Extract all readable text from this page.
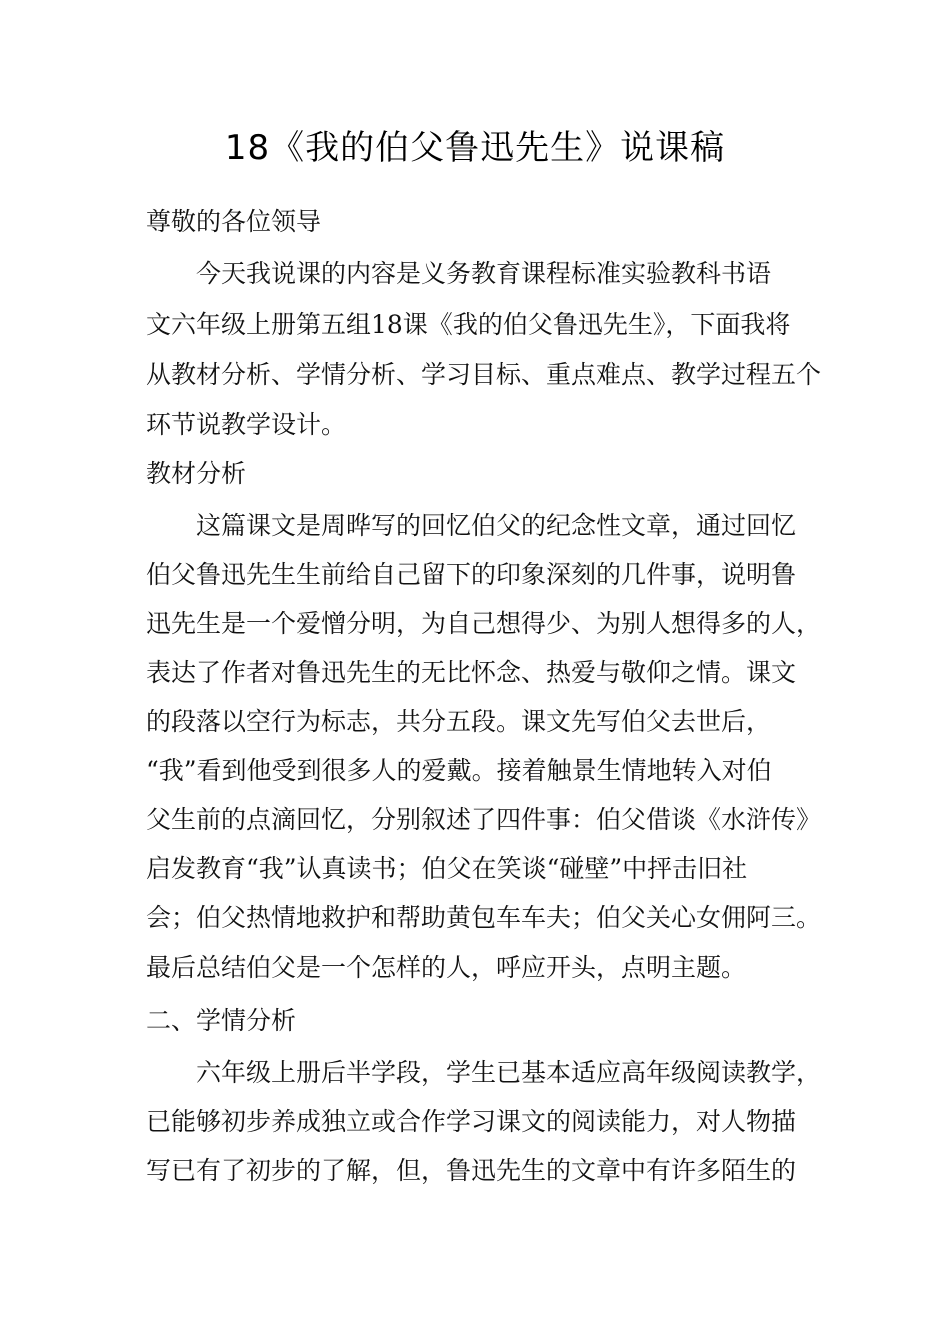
18《我的伯父鲁迅先生》说课稿
尊敬的各位领导
今天我说课的内容是义务教育课程标准实验教科书语
文六年级上册第五组18课《我的伯父鲁迅先生》，下面我将
从教材分析、学情分析、学习目标、重点难点、教学过程五个
环节说教学设计。
教材分析
这篇课文是周晔写的回忆伯父的纪念性文章，通过回忆
伯父鲁迅先生生前给自己留下的印象深刻的几件事，说明鲁
迅先生是一个爱憎分明，为自己想得少、为别人想得多的人，
表达了作者对鲁迅先生的无比怀念、热爱与敬仰之情。课文
的段落以空行为标志，共分五段。课文先写伯父去世后，
“我”看到他受到很多人的爱戴。接着触景生情地转入对伯
父生前的点滴回忆，分别叙述了四件事：伯父借谈《水浒传》
启发教育“我”认真读书；伯父在笑谈“碰壁”中抨击旧社
会；伯父热情地救护和帮助黄包车车夫；伯父关心女佣阿三。
最后总结伯父是一个怎样的人，呼应开头，点明主题。
二、学情分析
六年级上册后半学段，学生已基本适应高年级阅读教学，
已能够初步养成独立或合作学习课文的阅读能力，对人物描
写已有了初步的了解，但，鲁迅先生的文章中有许多陌生的
